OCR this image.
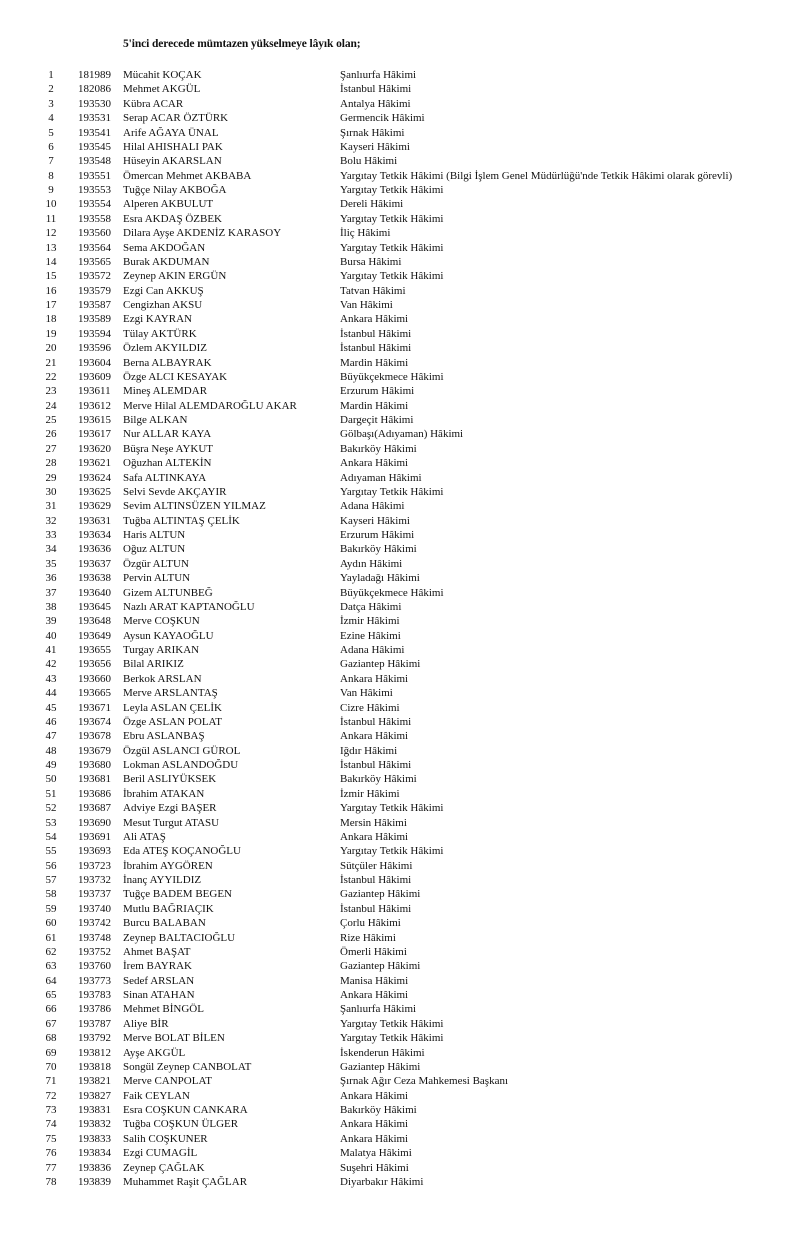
5'inci derecede mümtazen yükselmeye lâyık olan;
1	181989 Mücahit KOÇAK	Şanlıurfa Hâkimi
2	182086 Mehmet AKGÜL	İstanbul Hâkimi
3	193530 Kübra ACAR	Antalya Hâkimi
4	193531 Serap ACAR ÖZTÜRK	Germencik Hâkimi
5	193541 Arife AĞAYA ÜNAL	Şırnak Hâkimi
6	193545 Hilal AHISHALI PAK	Kayseri Hâkimi
7	193548 Hüseyin AKARSLAN	Bolu Hâkimi
8	193551 Ömercan Mehmet AKBABA	Yargıtay Tetkik Hâkimi (Bilgi İşlem Genel Müdürlüğü'nde Tetkik Hâkimi olarak görevli)
9	193553 Tuğçe Nilay AKBOĞA	Yargıtay Tetkik Hâkimi
10	193554 Alperen AKBULUT	Dereli Hâkimi
11	193558 Esra AKDAŞ ÖZBEK	Yargıtay Tetkik Hâkimi
12	193560 Dilara Ayşe AKDENİZ KARASOY	İliç Hâkimi
13	193564 Sema AKDOĞAN	Yargıtay Tetkik Hâkimi
14	193565 Burak AKDUMAN	Bursa Hâkimi
15	193572 Zeynep AKIN ERGÜN	Yargıtay Tetkik Hâkimi
16	193579 Ezgi Can AKKUŞ	Tatvan Hâkimi
17	193587 Cengizhan AKSU	Van Hâkimi
18	193589 Ezgi KAYRAN	Ankara Hâkimi
19	193594 Tülay AKTÜRK	İstanbul Hâkimi
20	193596 Özlem AKYILDIZ	İstanbul Hâkimi
21	193604 Berna ALBAYRAK	Mardin Hâkimi
22	193609 Özge ALCI KESAYAK	Büyükçekmece Hâkimi
23	193611 Mineş ALEMDAR	Erzurum Hâkimi
24	193612 Merve Hilal ALEMDAROĞLU AKAR	Mardin Hâkimi
25	193615 Bilge ALKAN	Dargeçit Hâkimi
26	193617 Nur ALLAR KAYA	Gölbaşı(Adıyaman) Hâkimi
27	193620 Büşra Neşe AYKUT	Bakırköy Hâkimi
28	193621 Oğuzhan ALTEKİN	Ankara Hâkimi
29	193624 Safa ALTINKAYA	Adıyaman Hâkimi
30	193625 Selvi Sevde AKÇAYIR	Yargıtay Tetkik Hâkimi
31	193629 Sevim ALTINSÜZEN YILMAZ	Adana Hâkimi
32	193631 Tuğba ALTINTAŞ ÇELİK	Kayseri Hâkimi
33	193634 Haris ALTUN	Erzurum Hâkimi
34	193636 Oğuz ALTUN	Bakırköy Hâkimi
35	193637 Özgür ALTUN	Aydın Hâkimi
36	193638 Pervin ALTUN	Yayladağı Hâkimi
37	193640 Gizem ALTUNBEĞ	Büyükçekmece Hâkimi
38	193645 Nazlı ARAT KAPTANOĞLU	Datça Hâkimi
39	193648 Merve COŞKUN	İzmir Hâkimi
40	193649 Aysun KAYAOĞLU	Ezine Hâkimi
41	193655 Turgay ARIKAN	Adana Hâkimi
42	193656 Bilal ARIKIZ	Gaziantep Hâkimi
43	193660 Berkok ARSLAN	Ankara Hâkimi
44	193665 Merve ARSLANTAŞ	Van Hâkimi
45	193671 Leyla ASLAN ÇELİK	Cizre Hâkimi
46	193674 Özge ASLAN POLAT	İstanbul Hâkimi
47	193678 Ebru ASLANBAŞ	Ankara Hâkimi
48	193679 Özgül ASLANCI GÜROL	Iğdır Hâkimi
49	193680 Lokman ASLANDOĞDU	İstanbul Hâkimi
50	193681 Beril ASLIYÜKSEK	Bakırköy Hâkimi
51	193686 İbrahim ATAKAN	İzmir Hâkimi
52	193687 Adviye Ezgi BAŞER	Yargıtay Tetkik Hâkimi
53	193690 Mesut Turgut ATASU	Mersin Hâkimi
54	193691 Ali ATAŞ	Ankara Hâkimi
55	193693 Eda ATEŞ KOÇANOĞLU	Yargıtay Tetkik Hâkimi
56	193723 İbrahim AYGÖREN	Sütçüler Hâkimi
57	193732 İnanç AYYILDIZ	İstanbul Hâkimi
58	193737 Tuğçe BADEM BEGEN	Gaziantep Hâkimi
59	193740 Mutlu BAĞRIAÇIK	İstanbul Hâkimi
60	193742 Burcu BALABAN	Çorlu Hâkimi
61	193748 Zeynep BALTACIOĞLU	Rize Hâkimi
62	193752 Ahmet BAŞAT	Ömerli Hâkimi
63	193760 İrem BAYRAK	Gaziantep Hâkimi
64	193773 Sedef ARSLAN	Manisa Hâkimi
65	193783 Sinan ATAHAN	Ankara Hâkimi
66	193786 Mehmet BİNGÖL	Şanlıurfa Hâkimi
67	193787 Aliye BİR	Yargıtay Tetkik Hâkimi
68	193792 Merve BOLAT BİLEN	Yargıtay Tetkik Hâkimi
69	193812 Ayşe AKGÜL	İskenderun Hâkimi
70	193818 Songül Zeynep CANBOLAT	Gaziantep Hâkimi
71	193821 Merve CANPOLAT	Şırnak Ağır Ceza Mahkemesi Başkanı
72	193827 Faik CEYLAN	Ankara Hâkimi
73	193831 Esra COŞKUN CANKARA	Bakırköy Hâkimi
74	193832 Tuğba COŞKUN ÜLGER	Ankara Hâkimi
75	193833 Salih COŞKUNER	Ankara Hâkimi
76	193834 Ezgi CUMAGİL	Malatya Hâkimi
77	193836 Zeynep ÇAĞLAK	Suşehri Hâkimi
78	193839 Muhammet Raşit ÇAĞLAR	Diyarbakır Hâkimi
